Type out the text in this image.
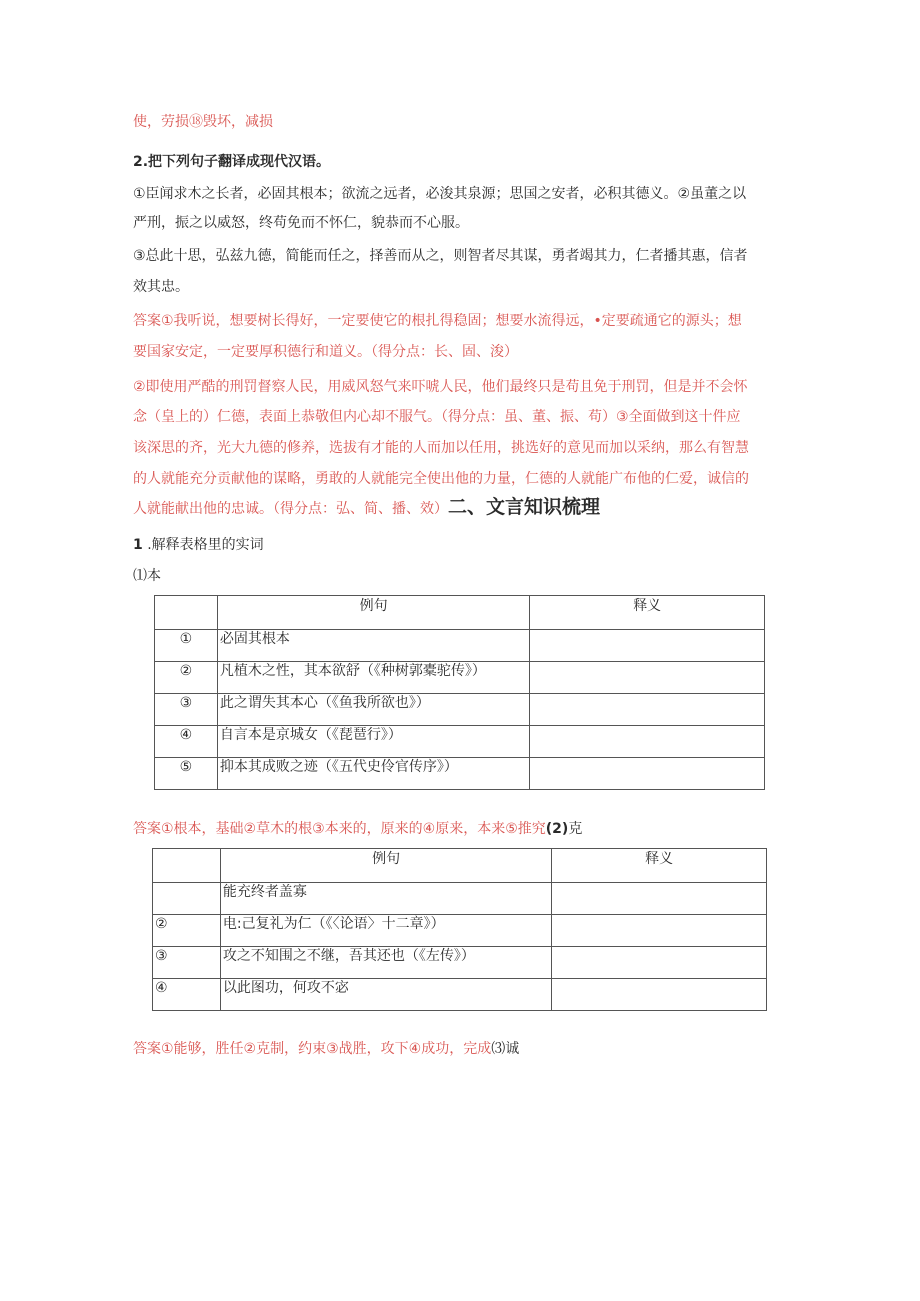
使，劳损⑱毁坏，减损
2.把下列句子翻译成现代汉语。
①臣闻求木之长者，必固其根本；欲流之远者，必浚其泉源；思国之安者，必积其德义。②虽董之以
严刑，振之以威怒，终苟免而不怀仁，貌恭而不心服。
③总此十思，弘兹九德，简能而任之，择善而从之，则智者尽其谋，勇者竭其力，仁者播其惠，信者
效其忠。
答案①我听说，想要树长得好，一定要使它的根扎得稳固；想要水流得远，•定要疏通它的源头；想
要国家安定，一定要厚积德行和道义。（得分点：长、固、浚）
②即使用严酷的刑罚督察人民，用威风怒气来吓唬人民，他们最终只是苟且免于刑罚，但是并不会怀
念（皇上的）仁德，表面上恭敬但内心却不服气。（得分点：虽、董、振、苟）③全面做到这十件应
该深思的齐，光大九德的修养，选拔有才能的人而加以任用，挑选好的意见而加以采纳，那么有智慧
的人就能充分贡献他的谋略，勇敢的人就能完全使出他的力量，仁德的人就能广布他的仁爱，诚信的
人就能献出他的忠诚。（得分点：弘、简、播、效）二、文言知识梳理
1 .解释表格里的实词
⑴本
	例句	释义
①	必固其根本	
②	凡植木之性，其本欲舒（《种树郭橐驼传》）	
③	此之谓失其本心（《鱼我所欲也》）	
④	自言本是京城女（《琵琶行》）	
⑤	抑本其成败之迹（《五代史伶官传序》）	
答案①根本，基础②草木的根③本来的，原来的④原来，本来⑤推究(2)克
	例句	释义
	能充终者盖寡	
②	电:己复礼为仁（《〈论语〉十二章》）	
③	攻之不知围之不继，吾其还也（《左传》）	
④	以此图功，何攻不宓	
答案①能够，胜任②克制，约束③战胜，攻下④成功，完成⑶诚
